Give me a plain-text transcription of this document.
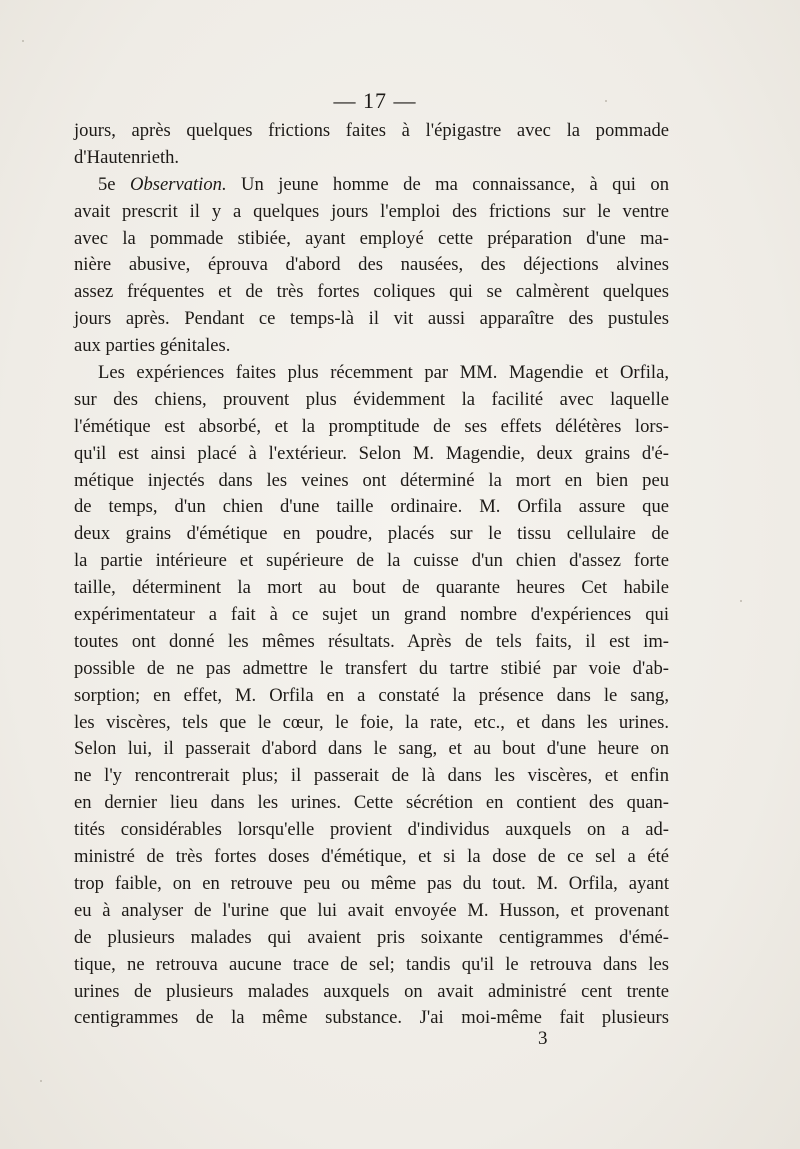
— 17 —
jours, après quelques frictions faites à l'épigastre avec la pommade
d'Hautenrieth.
5e Observation. Un jeune homme de ma connaissance, à qui on
avait prescrit il y a quelques jours l'emploi des frictions sur le ventre
avec la pommade stibiée, ayant employé cette préparation d'une ma-
nière abusive, éprouva d'abord des nausées, des déjections alvines
assez fréquentes et de très fortes coliques qui se calmèrent quelques
jours après. Pendant ce temps-là il vit aussi apparaître des pustules
aux parties génitales.
Les expériences faites plus récemment par MM. Magendie et Orfila,
sur des chiens, prouvent plus évidemment la facilité avec laquelle
l'émétique est absorbé, et la promptitude de ses effets délétères lors-
qu'il est ainsi placé à l'extérieur. Selon M. Magendie, deux grains d'é-
métique injectés dans les veines ont déterminé la mort en bien peu
de temps, d'un chien d'une taille ordinaire. M. Orfila assure que
deux grains d'émétique en poudre, placés sur le tissu cellulaire de
la partie intérieure et supérieure de la cuisse d'un chien d'assez forte
taille, déterminent la mort au bout de quarante heures Cet habile
expérimentateur a fait à ce sujet un grand nombre d'expériences qui
toutes ont donné les mêmes résultats. Après de tels faits, il est im-
possible de ne pas admettre le transfert du tartre stibié par voie d'ab-
sorption; en effet, M. Orfila en a constaté la présence dans le sang,
les viscères, tels que le cœur, le foie, la rate, etc., et dans les urines.
Selon lui, il passerait d'abord dans le sang, et au bout d'une heure on
ne l'y rencontrerait plus; il passerait de là dans les viscères, et enfin
en dernier lieu dans les urines. Cette sécrétion en contient des quan-
tités considérables lorsqu'elle provient d'individus auxquels on a ad-
ministré de très fortes doses d'émétique, et si la dose de ce sel a été
trop faible, on en retrouve peu ou même pas du tout. M. Orfila, ayant
eu à analyser de l'urine que lui avait envoyée M. Husson, et provenant
de plusieurs malades qui avaient pris soixante centigrammes d'émé-
tique, ne retrouva aucune trace de sel; tandis qu'il le retrouva dans les
urines de plusieurs malades auxquels on avait administré cent trente
centigrammes de la même substance. J'ai moi-même fait plusieurs
3
